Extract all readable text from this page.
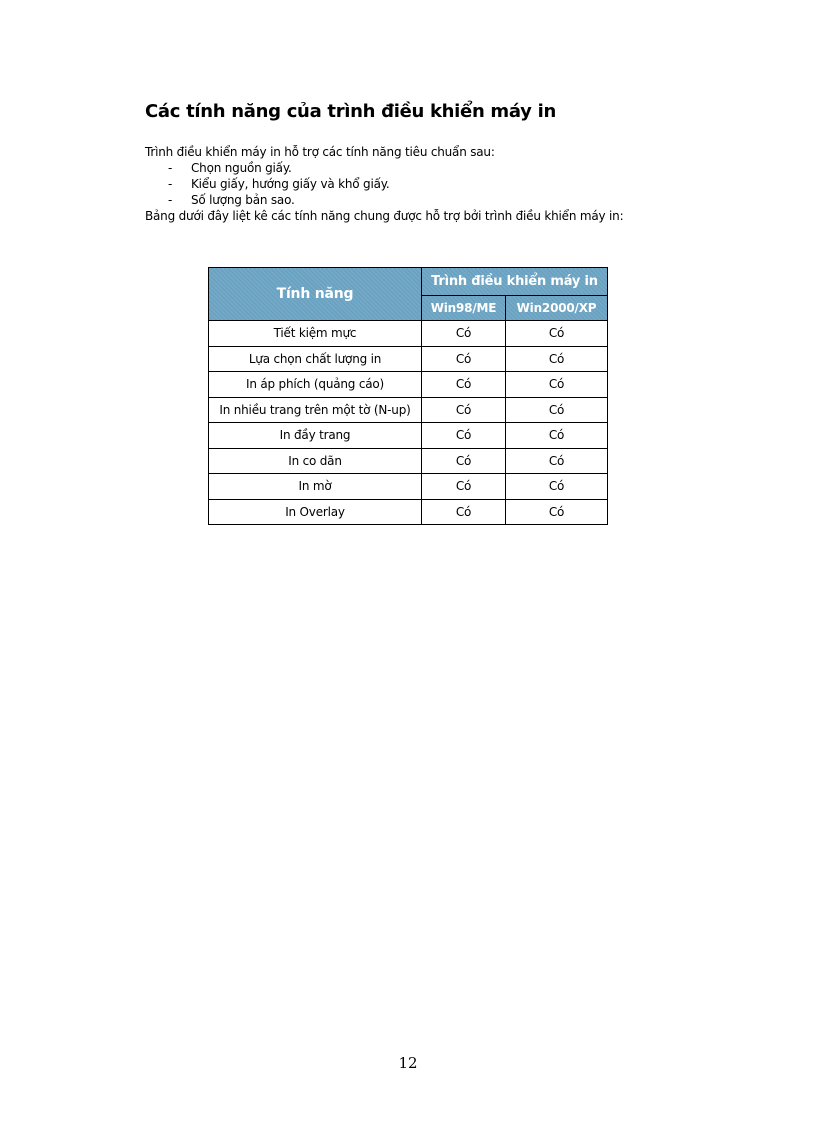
Các tính năng của trình điều khiển máy in

Trình điều khiển máy in hỗ trợ các tính năng tiêu chuẩn sau:

- Chọn nguồn giấy.
- Kiểu giấy, hướng giấy và khổ giấy.
- Số lượng bản sao.

Bảng dưới đây liệt kê các tính năng chung được hỗ trợ bởi trình điều khiển máy in:

Tính năng	Trình điều khiển máy in	
	Win98/ME	Win2000/XP
Tiết kiệm mực	Có	Có
Lựa chọn chất lượng in	Có	Có
In áp phích (quảng cáo)	Có	Có
In nhiều trang trên một tờ (N-up)	Có	Có
In đầy trang	Có	Có
In co dãn	Có	Có
In mờ	Có	Có
In Overlay	Có	Có
12
